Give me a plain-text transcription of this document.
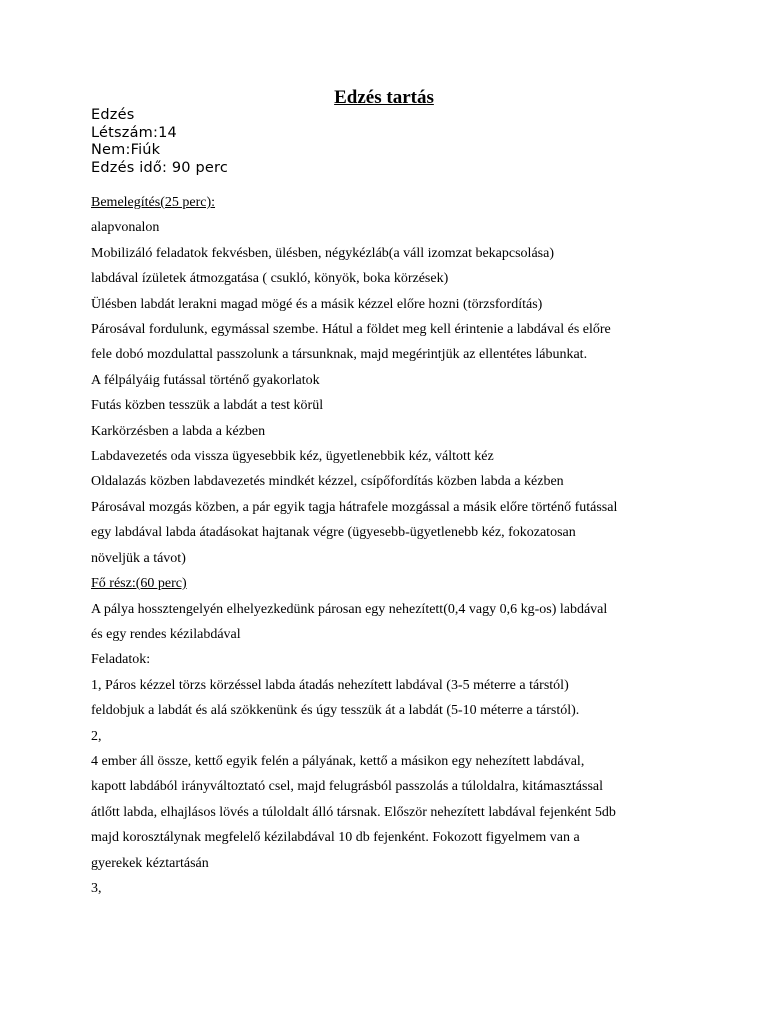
Edzés tartás
Edzés
Létszám:14
Nem:Fiúk
Edzés idő: 90 perc
Bemelegítés(25 perc):
alapvonalon
Mobilizáló feladatok fekvésben, ülésben, négykézláb(a váll izomzat bekapcsolása)
labdával ízületek átmozgatása ( csukló, könyök, boka körzések)
Ülésben labdát lerakni magad mögé és a másik kézzel előre hozni (törzsfordítás)
Párosával fordulunk, egymással szembe. Hátul a földet meg kell érintenie a labdával és előre
fele dobó mozdulattal passzolunk a társunknak, majd megérintjük az ellentétes lábunkat.
A félpályáig futással történő gyakorlatok
Futás közben tesszük a labdát a test körül
Karkörzésben a labda a kézben
Labdavezetés oda vissza ügyesebbik kéz, ügyetlenebbik kéz, váltott kéz
Oldalazás közben labdavezetés mindkét kézzel, csípőfordítás közben labda a kézben
Párosával mozgás közben, a pár egyik tagja hátrafele mozgással a másik előre történő futással
egy labdával labda átadásokat hajtanak végre (ügyesebb-ügyetlenebb kéz, fokozatosan
növeljük a távot)
Fő rész:(60 perc)
A pálya hossztengelyén elhelyezkedünk párosan egy nehezített(0,4 vagy 0,6 kg-os) labdával
és egy rendes kézilabdával
Feladatok:
1, Páros kézzel törzs körzéssel labda átadás nehezített labdával (3-5 méterre a társtól)
feldobjuk a labdát és alá szökkenünk és úgy tesszük át a labdát (5-10 méterre a társtól).
2,
4 ember áll össze, kettő egyik felén a pályának, kettő a másikon egy nehezített labdával,
kapott labdából irányváltoztató csel, majd felugrásból passzolás a túloldalra, kitámasztással
átlőtt labda, elhajlásos lövés a túloldalt álló társnak. Először nehezített labdával fejenként 5db
majd korosztálynak megfelelő kézilabdával 10 db fejenként. Fokozott figyelmem van a
gyerekek kéztartásán
3,
